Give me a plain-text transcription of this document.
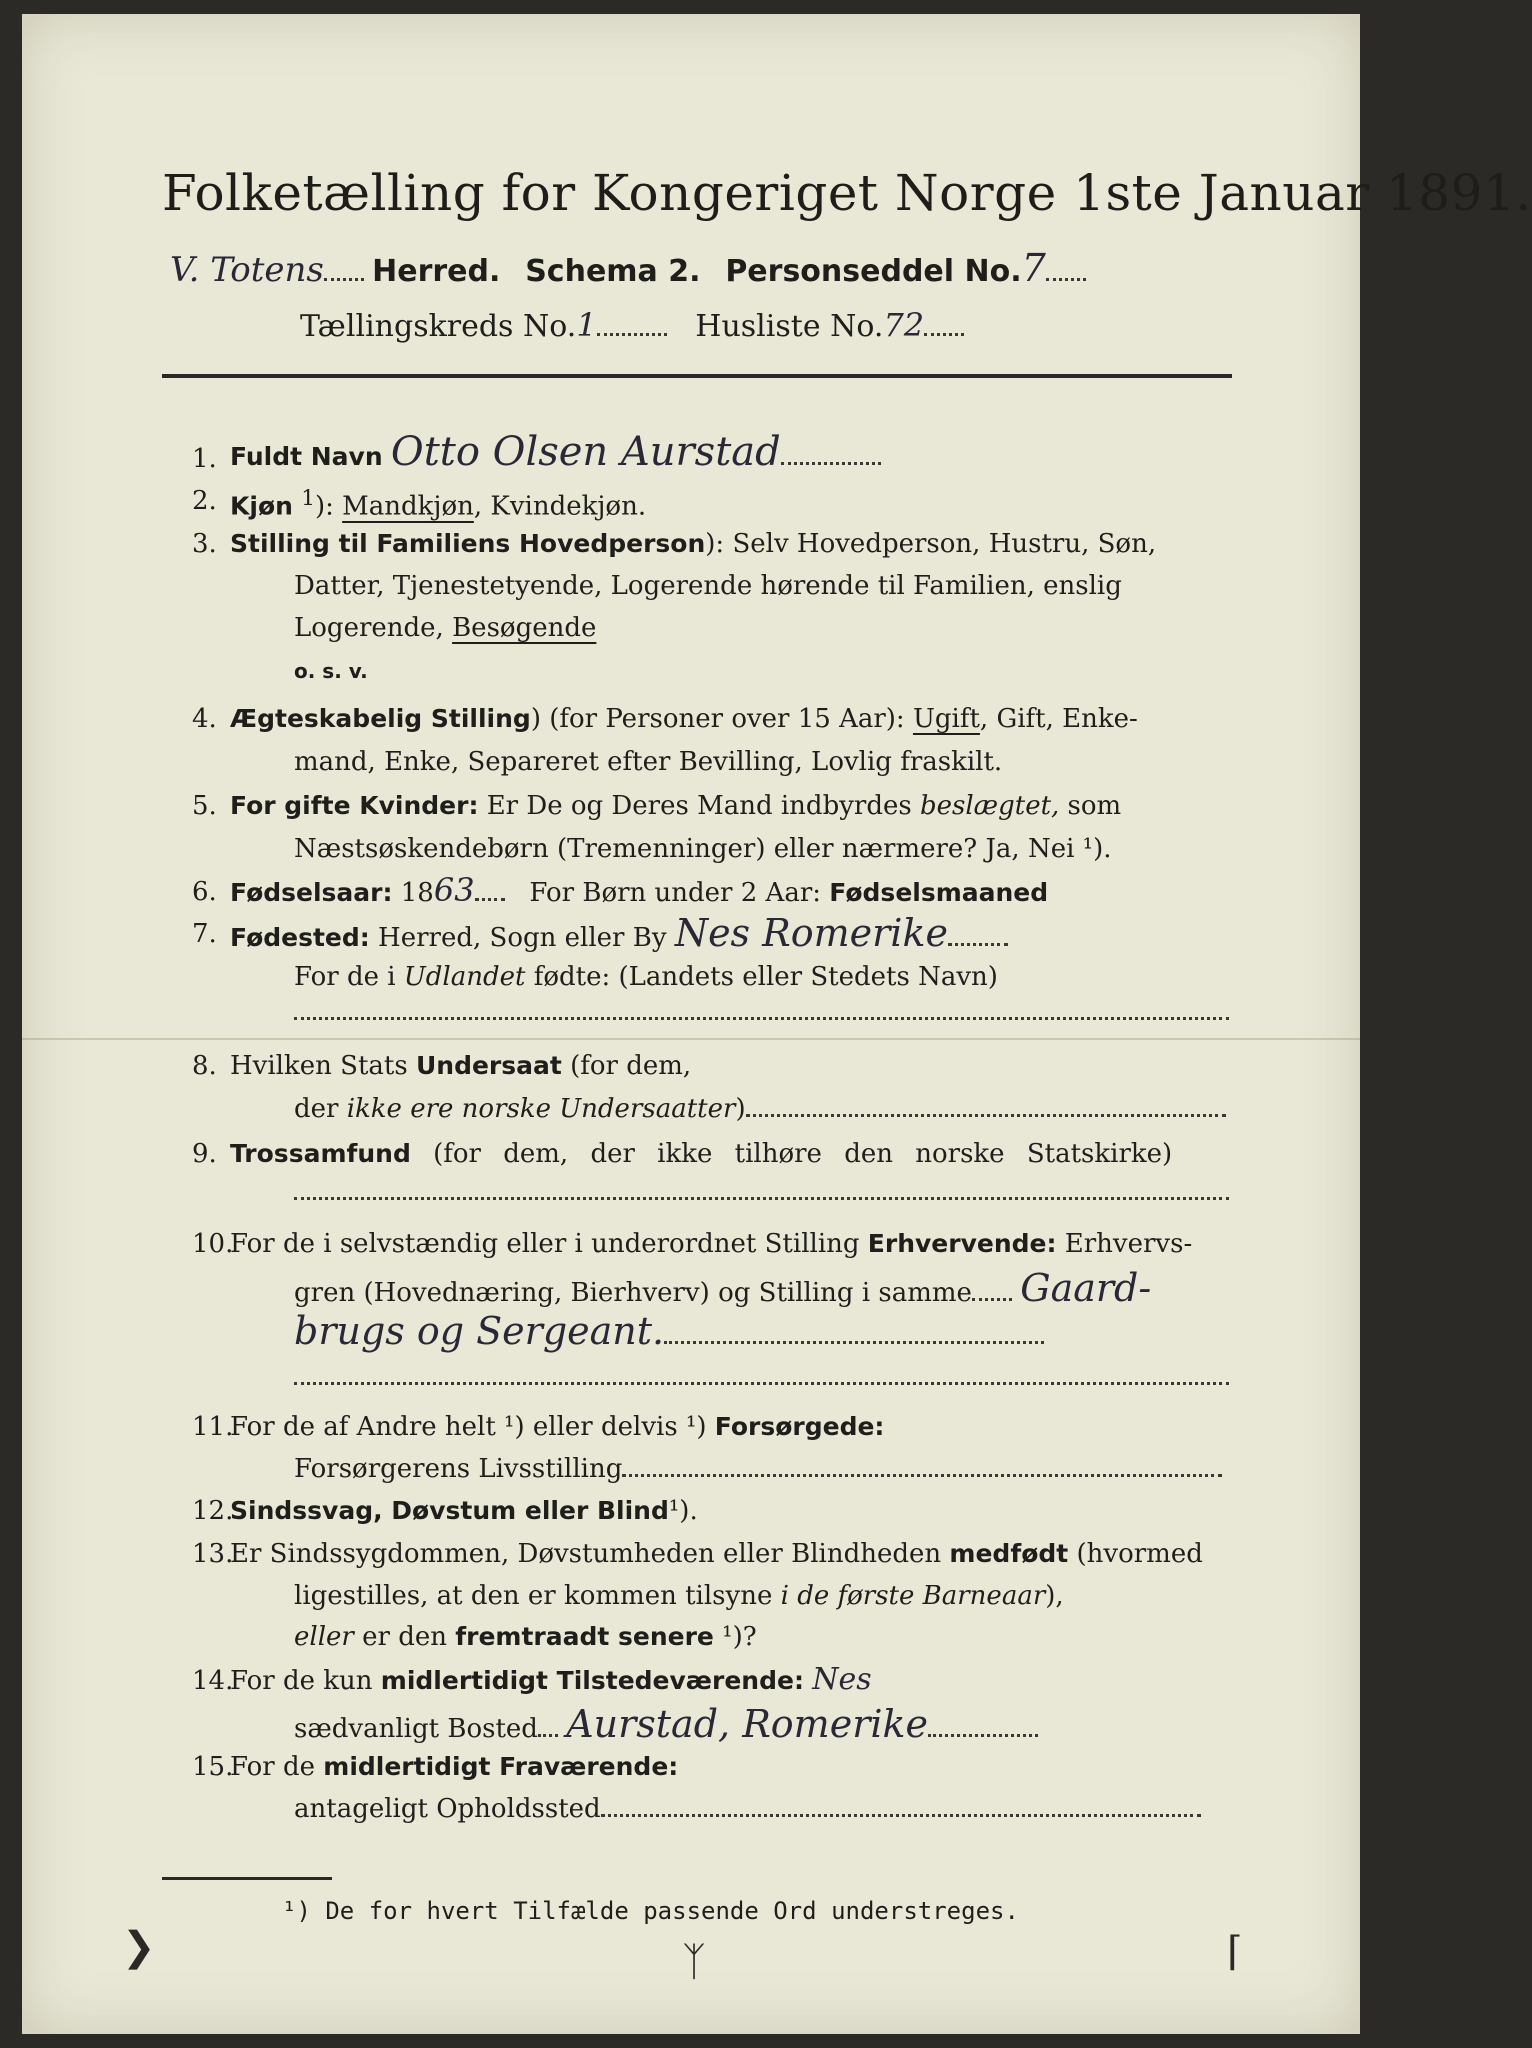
Folketælling for Kongeriget Norge 1ste Januar 1891.
V. Totens Herred. Schema 2. Personseddel No.7
Tællingskreds No.1	Husliste No.72
1. Fuldt Navn Otto Olsen Aurstad
2. Kjøn $^1$): Mandkjøn, Kvindekjøn.
3. Stilling til Familiens Hovedperson): Selv Hovedperson, Hustru, Søn,
Datter, Tjenestetyende, Logerende hørende til Familien, enslig
Logerende, Besøgende
o. s. v.
4. Ægteskabelig Stilling) (for Personer over 15 Aar): Ugift, Gift, Enke-
mand, Enke, Separeret efter Bevilling, Lovlig fraskilt.
5. For gifte Kvinder: Er De og Deres Mand indbyrdes beslægtet, som
Næstsøskendebørn (Tremenninger) eller nærmere? Ja, Nei ¹).
6. Fødselsaar: 1863 For Børn under 2 Aar: Fødselsmaaned
7. Fødested: Herred, Sogn eller By Nes Romerike
For de i Udlandet fødte: (Landets eller Stedets Navn)
8. Hvilken Stats Undersaat (for dem,
der ikke ere norske Undersaatter)
9. Trossamfund (for dem, der ikke tilhøre den norske Statskirke)
10.
For de i selvstændig eller i underordnet Stilling Erhvervende: Erhvervs-
gren (Hovednæring, Bierhverv) og Stilling i samme Gaard-
brugs og Sergeant.
11.
For de af Andre helt ¹) eller delvis ¹) Forsørgede:
Forsørgerens Livsstilling
12.
Sindssvag, Døvstum eller Blind¹).
13.
Er Sindssygdommen, Døvstumheden eller Blindheden medfødt (hvormed
ligestilles, at den er kommen tilsyne i de første Barneaar),
eller er den fremtraadt senere ¹)?
14.
For de kun midlertidigt Tilstedeværende: Nes
sædvanligt Bosted Aurstad, Romerike
15.
For de midlertidigt Fraværende:
antageligt Opholdssted
¹) De for hvert Tilfælde passende Ord understreges.
❯	ᛉ	⌈
